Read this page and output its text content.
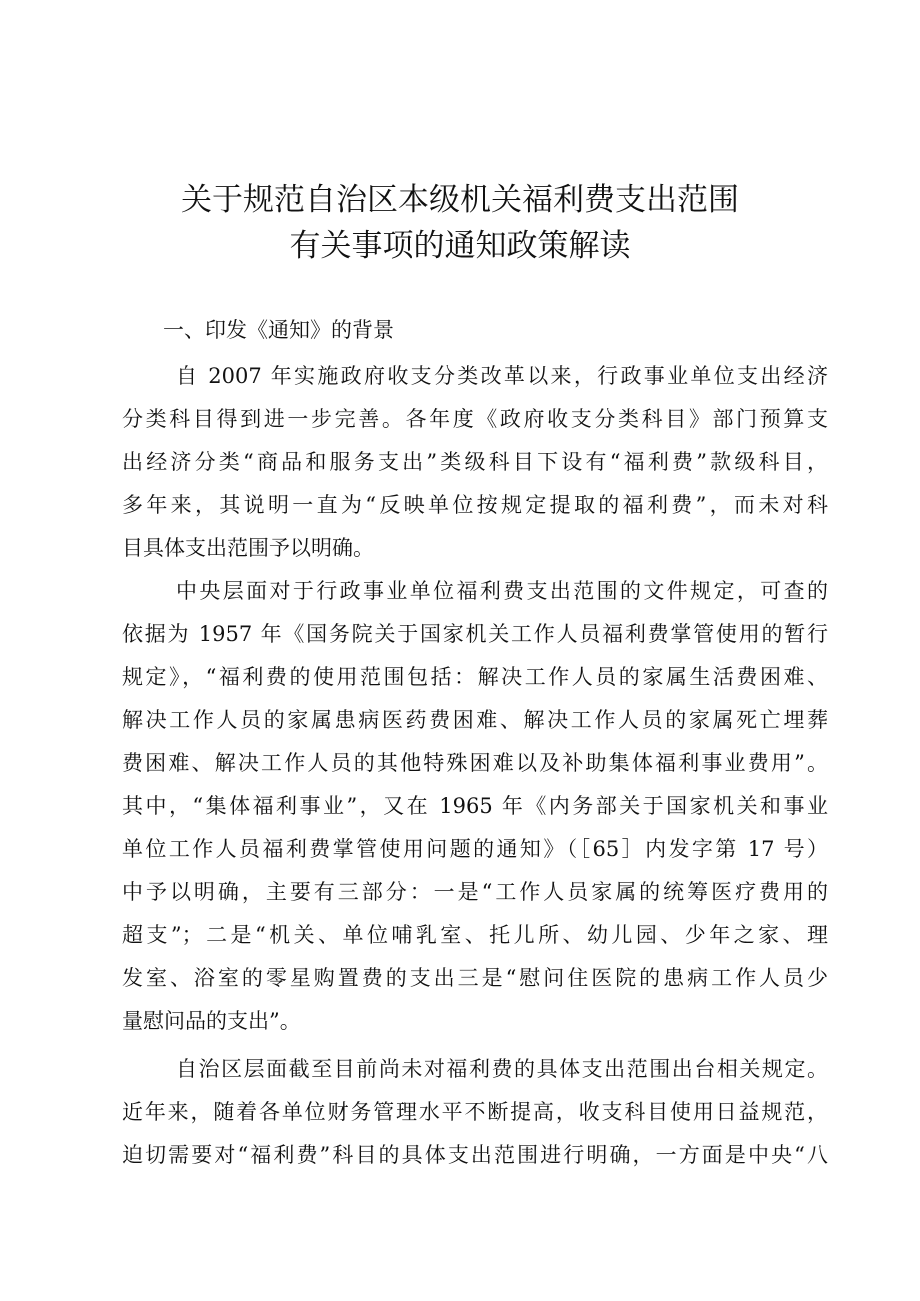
关于规范自治区本级机关福利费支出范围
有关事项的通知政策解读
一、印发《通知》的背景
自 2007 年实施政府收支分类改革以来，行政事业单位支出经济
分类科目得到进一步完善。各年度《政府收支分类科目》部门预算支
出经济分类“商品和服务支出”类级科目下设有“福利费”款级科目，
多年来，其说明一直为“反映单位按规定提取的福利费”，而未对科
目具体支出范围予以明确。
中央层面对于行政事业单位福利费支出范围的文件规定，可查的
依据为 1957 年《国务院关于国家机关工作人员福利费掌管使用的暂行
规定》，“福利费的使用范围包括：解决工作人员的家属生活费困难、
解决工作人员的家属患病医药费困难、解决工作人员的家属死亡埋葬
费困难、解决工作人员的其他特殊困难以及补助集体福利事业费用”。
其中，“集体福利事业”，又在 1965 年《内务部关于国家机关和事业
单位工作人员福利费掌管使用问题的通知》（［65］内发字第 17 号）
中予以明确，主要有三部分：一是“工作人员家属的统筹医疗费用的
超支”；二是“机关、单位哺乳室、托儿所、幼儿园、少年之家、理
发室、浴室的零星购置费的支出三是“慰问住医院的患病工作人员少
量慰问品的支出”。
自治区层面截至目前尚未对福利费的具体支出范围出台相关规定。
近年来，随着各单位财务管理水平不断提高，收支科目使用日益规范，
迫切需要对“福利费”科目的具体支出范围进行明确，一方面是中央“八
